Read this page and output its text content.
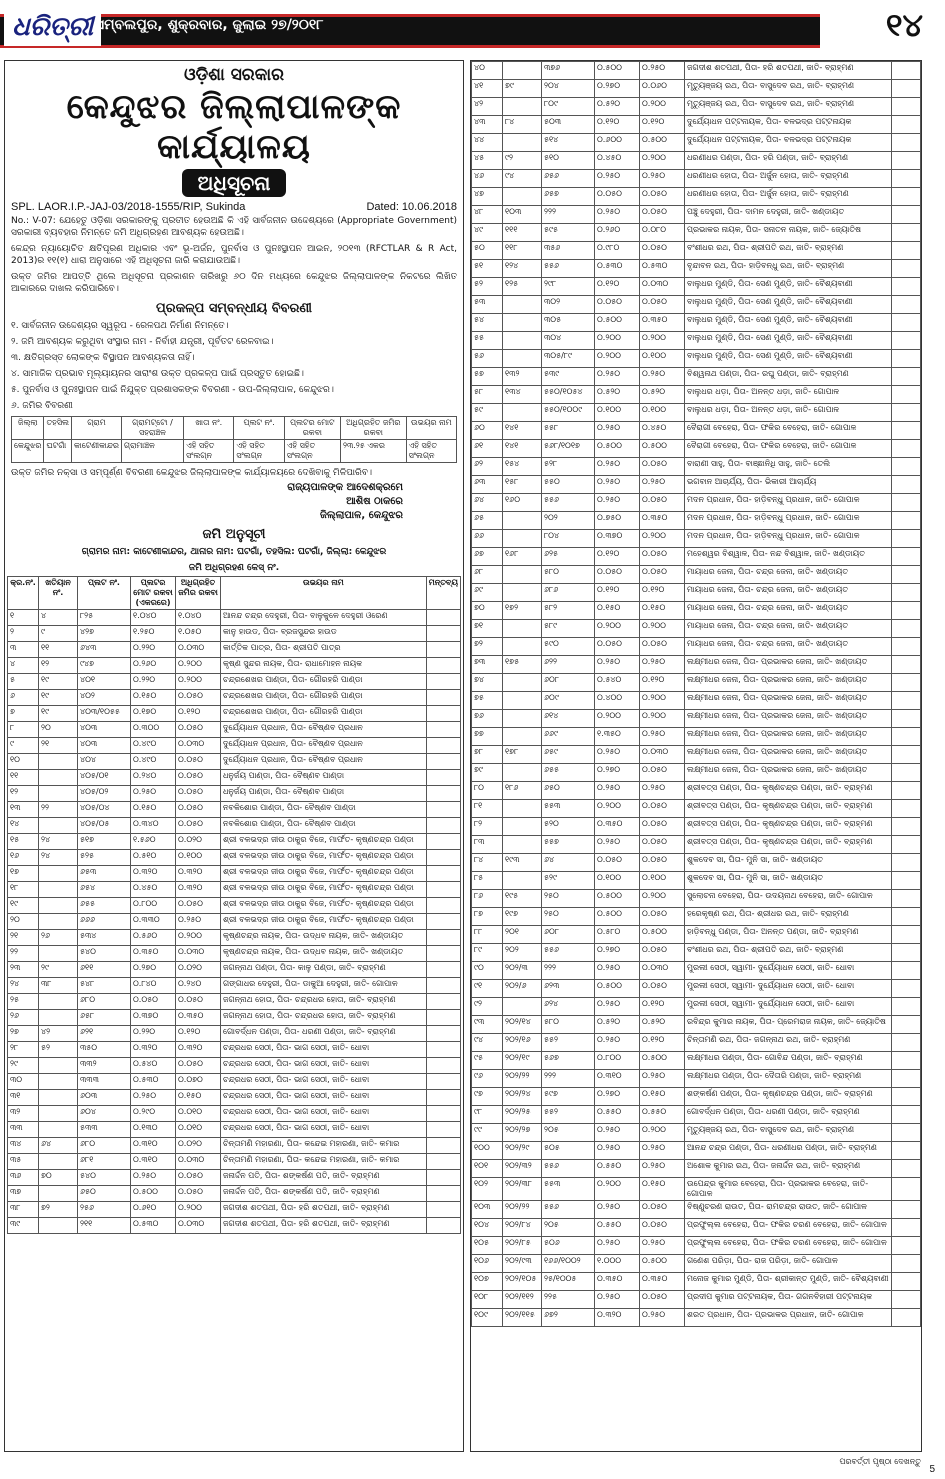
ଧରିତ୍ରୀ ସମ୍ବଲପୁର, ଶୁକ୍ରବାର, ଜୁଲାଇ ୨୭/୨୦୧୮	୧୪
ଓଡ଼ିଶା ସରକାର
କେନ୍ଦୁଝର ଜିଲ୍ଲାପାଳଙ୍କ କାର୍ଯ୍ୟାଳୟ
ଅଧିସୂଚନା
SPL. LAOR.I.P.-JAJ-03/2018-1555/RIP, Sukinda	Dated: 10.06.2018
No.: V-07: ଯେହେତୁ ଓଡ଼ିଶା ସରକାରଙ୍କୁ ପ୍ରତୀତ ହେଉଅଛି କି ଏହି ସାର୍ବଜନୀନ ଉଦ୍ଦେଶ୍ୟରେ (Appropriate Government) ସରକାରୀ ବ୍ୟବହାର ନିମନ୍ତେ ଜମି ଅଧିଗ୍ରହଣ ଆବଶ୍ୟକ ହେଉଅଛି।
କେନ୍ଦ୍ର ନ୍ୟାୟୋଚିତ କ୍ଷତିପୂରଣ ଅଧିକାର ଏବଂ ଭୂ-ଅର୍ଜନ, ପୁନର୍ବାସ ଓ ପୁନଃସ୍ଥାପନ ଆଇନ, ୨୦୧୩ (RFCTLAR & R Act, 2013)ର ୧୧(୧) ଧାରା ଅନୁସାରେ ଏହି ଅଧିସୂଚନା ଜାରି କରାଯାଉଅଛି।
ଉକ୍ତ ଜମିର ଆପତ୍ତି ଥିଲେ ଅଧିସୂଚନା ପ୍ରକାଶନ ତାରିଖରୁ ୬୦ ଦିନ ମଧ୍ୟରେ କେନ୍ଦୁଝର ଜିଲ୍ଲାପାଳଙ୍କ ନିକଟରେ ଲିଖିତ ଆକାରରେ ଦାଖଲ କରିପାରିବେ।
ପ୍ରକଳ୍ପ ସମ୍ବନ୍ଧୀୟ ବିବରଣୀ
୧. ସାର୍ବଜନୀନ ଉଦ୍ଦେଶ୍ୟର ସ୍ୱରୂପ - ରେଳପଥ ନିର୍ମାଣ ନିମନ୍ତେ।
୨. ଜମି ଆବଶ୍ୟକ କରୁଥିବା ସଂସ୍ଥାର ନାମ - ନିର୍ବାହୀ ଯନ୍ତ୍ରୀ, ପୂର୍ବତଟ ରେଳବାଇ।
୩. କ୍ଷତିଗ୍ରସ୍ତ ଲୋକଙ୍କ ବିସ୍ଥାପନ ଆବଶ୍ୟକତା ନାହିଁ।
୪. ସାମାଜିକ ପ୍ରଭାବ ମୂଲ୍ୟାୟନର ସାରାଂଶ ଉକ୍ତ ପ୍ରକଳ୍ପ ପାଇଁ ପ୍ରସ୍ତୁତ ହୋଇଛି।
୫. ପୁନର୍ବାସ ଓ ପୁନଃସ୍ଥାପନ ପାଇଁ ନିଯୁକ୍ତ ପ୍ରଶାସକଙ୍କ ବିବରଣୀ - ଉପ-ଜିଲ୍ଲାପାଳ, କେନ୍ଦୁଝର।
୬. ଜମିର ବିବରଣୀ
ଜିଲ୍ଲା	ତହସିଲ	ଗ୍ରାମ	ଗ୍ରାମଟ୍ଟୋ / ସହରାଞ୍ଚଳ	ଖାତା ନଂ.	ପ୍ଲଟ ନଂ.	ପ୍ଲଟର ମୋଟ ରକବା	ଅଧିଗ୍ରହିତ ଜମିର ରକବା	ଉଭୟର ନାମ
କେନ୍ଦୁଝର	ଘଟଗାଁ	କାଟେଣୀକାନ୍ଦର	ଗ୍ରାମାଞ୍ଚଳ	ଏହି ସହିତ ସଂଲଗ୍ନ	ଏହି ସହିତ ସଂଲଗ୍ନ	ଏହି ସହିତ ସଂଲଗ୍ନ	୨୩.୨୫ ଏକର	ଏହି ସହିତ ସଂଲଗ୍ନ
ଉକ୍ତ ଜମିର ନକ୍ସା ଓ ସମ୍ପୂର୍ଣ୍ଣ ବିବରଣୀ କେନ୍ଦୁଝର ଜିଲ୍ଲାପାଳଙ୍କ କାର୍ଯ୍ୟାଳୟରେ ଦେଖିବାକୁ ମିଳିପାରିବ।
ରାଜ୍ୟପାଳଙ୍କ ଆଦେଶକ୍ରମେ
ଆଶିଷ ଠାକରେ
ଜିଲ୍ଲାପାଳ, କେନ୍ଦୁଝର
ଜମି ଅନୁସୂଚୀ
ଗ୍ରାମର ନାମ: କାଟେଣୀକାନ୍ଦର, ଥାନାର ନାମ: ଘଟଗାଁ, ତହସିଲ: ଘଟଗାଁ, ଜିଲ୍ଲା: କେନ୍ଦୁଝର
ଜମି ଅଧିଗ୍ରହଣ କେସ୍ ନଂ.
କ୍ର.ନଂ.	ଖତିୟାନ ନଂ.	ପ୍ଲଟ ନଂ.	ପ୍ଲଟର ମୋଟ ରକବା (ଏକରରେ)	ଅଧିଗ୍ରହିତ ଜମିର ରକବା	ଉଭୟର ନାମ	ମନ୍ତବ୍ୟ
୧	୪	୮୨୫	୧.୦୪୦	୧.୦୪୦	ଆନନ୍ଦ ଚନ୍ଦ୍ର ଦେହୁରୀ, ପିତା- ବାଳୁକୁଳେ ଦେହୁରୀ ଓରେଣ	
୨	୯	୪୨୭	୧.୨୫୦	୧.୦୫୦	କାନୁ ହାଉଡ, ପିତା- ବ୍ରଜସୁନ୍ଦର ହାଉଡ	
୩	୧୧	୬୪୩	୦.୨୨୦	୦.୦୩୦	କାର୍ତ୍ତିକ ପାତ୍ର, ପିତା- ଶ୍ରୀପତି ପାତ୍ର	
୪	୧୨	୯୪୭	୦.୨୬୦	୦.୨୦୦	କୃଷ୍ଣ ସୁନ୍ଦର ନାୟକ, ପିତା- ରାଧାମୋହନ ନାୟକ	
୫	୧୯	୪୦୧	୦.୨୨୦	୦.୨୦୦	ଚନ୍ଦ୍ରଶେଖର ପାଣ୍ଡା, ପିତା- ଗୌରହରି ପାଣ୍ଡା	
୬	୧୯	୪୦୨	୦.୧୫୦	୦.୦୫୦	ଚନ୍ଦ୍ରଶେଖର ପାଣ୍ଡା, ପିତା- ଗୌରହରି ପାଣ୍ଡା	
୭	୧୯	୪୦୩/୧୦୫୫	୦.୧୭୦	୦.୧୨୦	ଚନ୍ଦ୍ରଶେଖର ପାଣ୍ଡା, ପିତା- ଗୌରହରି ପାଣ୍ଡା	
୮	୨୦	୪୦୩	୦.୩୦୦	୦.୦୫୦	ଦୁର୍ଯ୍ୟୋଧନ ପ୍ରଧାନ, ପିତା- ବୈଷ୍ଣବ ପ୍ରଧାନ	
୯	୨୧	୪୦୩	୦.୪୯୦	୦.୦୩୦	ଦୁର୍ଯ୍ୟୋଧନ ପ୍ରଧାନ, ପିତା- ବୈଷ୍ଣବ ପ୍ରଧାନ	
୧୦		୪୦୪	୦.୪୯୦	୦.୦୫୦	ଦୁର୍ଯ୍ୟୋଧନ ପ୍ରଧାନ, ପିତା- ବୈଷ୍ଣବ ପ୍ରଧାନ	
୧୧		୪୦୫/୦୧	୦.୨୪୦	୦.୦୫୦	ଧନୁର୍ଜୟ ପାଣ୍ଡା, ପିତା- ବୈଷ୍ଣବ ପାଣ୍ଡା	
୧୨		୪୦୫/୦୨	୦.୨୫୦	୦.୦୫୦	ଧନୁର୍ଜୟ ପାଣ୍ଡା, ପିତା- ବୈଷ୍ଣବ ପାଣ୍ଡା	
୧୩	୨୨	୪୦୫/୦୪	୦.୧୫୦	୦.୦୫୦	ନବକିଶୋର ପାଣ୍ଡା, ପିତା- ବୈଷ୍ଣବ ପାଣ୍ଡା	
୧୪		୪୦୫/୦୫	୦.୩୪୦	୦.୦୫୦	ନବକିଶୋର ପାଣ୍ଡା, ପିତା- ବୈଷ୍ଣବ ପାଣ୍ଡା	
୧୫	୨୪	୫୧୭	୧.୫୬୦	୦.୦୨୦	ଶ୍ରୀ ବଳଭଦ୍ର ଜୀଉ ଠାକୁର ବିଜେ, ମାର୍ଫତ- କୃଷ୍ଣଚନ୍ଦ୍ର ପଣ୍ଡା	
୧୬	୨୪	୫୨୫	୦.୫୧୦	୦.୧୦୦	ଶ୍ରୀ ବଳଭଦ୍ର ଜୀଉ ଠାକୁର ବିଜେ, ମାର୍ଫତ- କୃଷ୍ଣଚନ୍ଦ୍ର ପଣ୍ଡା	
୧୭		୬୫୩	୦.୩୨୦	୦.୩୨୦	ଶ୍ରୀ ବଳଭଦ୍ର ଜୀଉ ଠାକୁର ବିଜେ, ମାର୍ଫତ- କୃଷ୍ଣଚନ୍ଦ୍ର ପଣ୍ଡା	
୧୮		୬୫୪	୦.୪୫୦	୦.୩୨୦	ଶ୍ରୀ ବଳଭଦ୍ର ଜୀଉ ଠାକୁର ବିଜେ, ମାର୍ଫତ- କୃଷ୍ଣଚନ୍ଦ୍ର ପଣ୍ଡା	
୧୯		୬୫୫	୦.୮୦୦	୦.୦୫୦	ଶ୍ରୀ ବଳଭଦ୍ର ଜୀଉ ଠାକୁର ବିଜେ, ମାର୍ଫତ- କୃଷ୍ଣଚନ୍ଦ୍ର ପଣ୍ଡା	
୨୦		୬୬୬	୦.୩୩୦	୦.୨୫୦	ଶ୍ରୀ ବଳଭଦ୍ର ଜୀଉ ଠାକୁର ବିଜେ, ମାର୍ଫତ- କୃଷ୍ଣଚନ୍ଦ୍ର ପଣ୍ଡା	
୨୧	୨୬	୫୩୪	୦.୫୬୦	୦.୨୦୦	କୃଷ୍ଣଚନ୍ଦ୍ର ନାୟକ, ପିତା- ଉଦ୍ଧବ ନାୟକ, ଜାତି- ଖଣ୍ଡାୟତ	
୨୨		୫୪୦	୦.୩୫୦	୦.୦୩୦	କୃଷ୍ଣଚନ୍ଦ୍ର ନାୟକ, ପିତା- ଉଦ୍ଧବ ନାୟକ, ଜାତି- ଖଣ୍ଡାୟତ	
୨୩	୨୯	୬୧୧	୦.୨୭୦	୦.୦୨୦	ଜଗନ୍ନାଥ ପଣ୍ଡା, ପିତା- କାଳୁ ପଣ୍ଡା, ଜାତି- ବ୍ରାହ୍ମଣ	
୨୪	୩୮	୫୪୮	୦.୮୪୦	୦.୨୪୦	ଗଙ୍ଗାଧର ଦେହୁରୀ, ପିତା- ଡାକୁଆ ଦେହୁରୀ, ଜାତି- ଗୋପାଳ	
୨୫		୬୮୦	୦.୦୫୦	୦.୦୫୦	ଜଗନ୍ନାଥ ହୋତା, ପିତା- ଚନ୍ଦ୍ରଧର ହୋତା, ଜାତି- ବ୍ରାହ୍ମଣ	
୨୬		୬୫୮	୦.୩୭୦	୦.୩୫୦	ଜଗନ୍ନାଥ ହୋତା, ପିତା- ଚନ୍ଦ୍ରଧର ହୋତା, ଜାତି- ବ୍ରାହ୍ମଣ	
୨୭	୪୨	୬୨୧	୦.୨୨୦	୦.୧୨୦	ଗୋବର୍ଦ୍ଧନ ପଣ୍ଡା, ପିତା- ଧରଣୀ ପଣ୍ଡା, ଜାତି- ବ୍ରାହ୍ମଣ	
୨୮	୫୨	୩୫୦	୦.୩୨୦	୦.୩୨୦	ଚନ୍ଦ୍ରଧର ସେଠୀ, ପିତା- ଭାଗ ସେଠୀ, ଜାତି- ଧୋବା	
୨୯		୩୩୨	୦.୫୪୦	୦.୦୫୦	ଚନ୍ଦ୍ରଧର ସେଠୀ, ପିତା- ଭାଗ ସେଠୀ, ଜାତି- ଧୋବା	
୩୦		୩୩୩	୦.୫୩୦	୦.୦୭୦	ଚନ୍ଦ୍ରଧର ସେଠୀ, ପିତା- ଭାଗ ସେଠୀ, ଜାତି- ଧୋବା	
୩୧		୬୦୩	୦.୨୫୦	୦.୧୫୦	ଚନ୍ଦ୍ରଧର ସେଠୀ, ପିତା- ଭାଗ ସେଠୀ, ଜାତି- ଧୋବା	
୩୨		୬୦୪	୦.୨୯୦	୦.୦୧୦	ଚନ୍ଦ୍ରଧର ସେଠୀ, ପିତା- ଭାଗ ସେଠୀ, ଜାତି- ଧୋବା	
୩୩		୫୩୩	୦.୧୩୦	୦.୦୧୦	ଚନ୍ଦ୍ରଧର ସେଠୀ, ପିତା- ଭାଗ ସେଠୀ, ଜାତି- ଧୋବା	
୩୪	୬୪	୬୮୦	୦.୩୧୦	୦.୦୨୦	ଚିନ୍ତାମଣି ମହାରଣା, ପିତା- କନ୍ଦେଇ ମହାରଣା, ଜାତି- କମାର	
୩୫		୬୮୧	୦.୩୧୦	୦.୦୩୦	ଚିନ୍ତାମଣି ମହାରଣା, ପିତା- କନ୍ଦେଇ ମହାରଣା, ଜାତି- କମାର	
୩୬	୭୦	୫୪୦	୦.୨୫୦	୦.୦୫୦	ଜନାର୍ଦ୍ଦନ ପତି, ପିତା- ଶଙ୍କର୍ଷଣ ପତି, ଜାତି- ବ୍ରାହ୍ମଣ	
୩୭		୬୫୦	୦.୫୦୦	୦.୦୫୦	ଜନାର୍ଦ୍ଦନ ପତି, ପିତା- ଶଙ୍କର୍ଷଣ ପତି, ଜାତି- ବ୍ରାହ୍ମଣ	
୩୮	୭୨	୨୫୬	୦.୬୧୦	୦.୨୦୦	ଜଗଦୀଶ ଶତପଥୀ, ପିତା- ହରି ଶତପଥୀ, ଜାତି- ବ୍ରାହ୍ମଣ	
୩୯		୨୧୧	୦.୫୩୦	୦.୦୩୦	ଜଗଦୀଶ ଶତପଥୀ, ପିତା- ହରି ଶତପଥୀ, ଜାତି- ବ୍ରାହ୍ମଣ	
୪୦		୩୭୬	୦.୫୦୦	୦.୨୫୦	ଜଗଦୀଶ ଶତପଥୀ, ପିତା- ହରି ଶତପଥୀ, ଜାତି- ବ୍ରାହ୍ମଣ	
୪୧	୭୯	୨୦୪	୦.୨୭୦	୦.୦୬୦	ମୃତ୍ୟୁଞ୍ଜୟ ରଥ, ପିତା- ବାସୁଦେବ ରଥ, ଜାତି- ବ୍ରାହ୍ମଣ	
୪୨		୮୦୯	୦.୫୨୦	୦.୨୦୦	ମୃତ୍ୟୁଞ୍ଜୟ ରଥ, ପିତା- ବାସୁଦେବ ରଥ, ଜାତି- ବ୍ରାହ୍ମଣ	
୪୩	୮୪	୫୦୩	୦.୧୨୦	୦.୧୨୦	ଦୁର୍ଯ୍ୟୋଧନ ପଟ୍ଟନାୟକ, ପିତା- ବଳଭଦ୍ର ପଟ୍ଟନାୟକ	
୪୪		୫୧୪	୦.୬୦୦	୦.୫୦୦	ଦୁର୍ଯ୍ୟୋଧନ ପଟ୍ଟନାୟକ, ପିତା- ବଳଭଦ୍ର ପଟ୍ଟନାୟକ	
୪୫	୯୨	୫୧୦	୦.୪୫୦	୦.୨୦୦	ଧରଣୀଧର ପଣ୍ଡା, ପିତା- ହରି ପଣ୍ଡା, ଜାତି- ବ୍ରାହ୍ମଣ	
୪୬	୯୪	୬୫୬	୦.୨୫୦	୦.୨୫୦	ଧରଣୀଧର ହୋତା, ପିତା- ଅର୍ଜୁନ ହୋତା, ଜାତି- ବ୍ରାହ୍ମଣ	
୪୭		୬୫୭	୦.୦୫୦	୦.୦୫୦	ଧରଣୀଧର ହୋତା, ପିତା- ଅର୍ଜୁନ ହୋତା, ଜାତି- ବ୍ରାହ୍ମଣ	
୪୮	୧୦୩	୨୨୨	୦.୨୫୦	୦.୦୫୦	ପଞ୍ଚୁ ଦେହୁରୀ, ପିତା- ଦାମନ ଦେହୁରୀ, ଜାତି- ଖଣ୍ଡାୟତ	
୪୯	୧୧୧	୫୯୫	୦.୨୬୦	୦.୦୮୦	ପ୍ରଭାକର ନାୟକ, ପିତା- ସନାତନ ନାୟକ, ଜାତି- ଜ୍ୟୋତିଷ	
୫୦	୧୧୮	୩୫୬	୦.୯୮୦	୦.୦୫୦	ବଂଶୀଧର ରଥ, ପିତା- ଶ୍ରୀପତି ରଥ, ଜାତି- ବ୍ରାହ୍ମଣ	
୫୧	୧୨୪	୫୫୬	୦.୫୩୦	୦.୫୩୦	ବୃନ୍ଦାବନ ରଥ, ପିତା- ହାଡ଼ିବନ୍ଧୁ ରଥ, ଜାତି- ବ୍ରାହ୍ମଣ	
୫୨	୧୨୫	୨୯୮	୦.୧୨୦	୦.୦୩୦	ବାଲୁଧର ମୁଣ୍ଡି, ପିତା- ସେଣ ମୁଣ୍ଡି, ଜାତି- ବୈଶ୍ୟବାଣୀ	
୫୩		୩୦୨	୦.୦୫୦	୦.୦୫୦	ବାଲୁଧର ମୁଣ୍ଡି, ପିତା- ସେଣ ମୁଣ୍ଡି, ଜାତି- ବୈଶ୍ୟବାଣୀ	
୫୪		୩୦୫	୦.୫୦୦	୦.୩୫୦	ବାଲୁଧର ମୁଣ୍ଡି, ପିତା- ସେଣ ମୁଣ୍ଡି, ଜାତି- ବୈଶ୍ୟବାଣୀ	
୫୫		୩୦୪	୦.୨୦୦	୦.୨୦୦	ବାଲୁଧର ମୁଣ୍ଡି, ପିତା- ସେଣ ମୁଣ୍ଡି, ଜାତି- ବୈଶ୍ୟବାଣୀ	
୫୬		୩୦୫/୮୯	୦.୨୦୦	୦.୧୦୦	ବାଲୁଧର ମୁଣ୍ଡି, ପିତା- ସେଣ ମୁଣ୍ଡି, ଜାତି- ବୈଶ୍ୟବାଣୀ	
୫୭	୧୩୨	୫୩୯	୦.୨୫୦	୦.୨୫୦	ବିଶ୍ୱନାଥ ପଣ୍ଡା, ପିତା- ରଘୁ ପଣ୍ଡା, ଜାତି- ବ୍ରାହ୍ମଣ	
୫୮	୧୩୪	୫୫୦/୧୦୫୪	୦.୫୨୦	୦.୫୨୦	ବାଲୁଧର ଧଡ଼ା, ପିତା- ଅନନ୍ତ ଧଡ଼ା, ଜାତି- ଗୋପାଳ	
୫୯		୫୫୦/୧୦୦୯	୦.୧୦୦	୦.୧୦୦	ବାଲୁଧର ଧଡ଼ା, ପିତା- ଅନନ୍ତ ଧଡ଼ା, ଜାତି- ଗୋପାଳ	
୬୦	୧୪୧	୫୫୮	୦.୨୫୦	୦.୪୫୦	ବୈରାଗୀ ବେହେରା, ପିତା- ଫକିର ବେହେରା, ଜାତି- ଗୋପାଳ	
୬୧	୧୪୧	୫୬୮/୧୦୧୭	୦.୫୦୦	୦.୫୦୦	ବୈରାଗୀ ବେହେରା, ପିତା- ଫକିର ବେହେରା, ଜାତି- ଗୋପାଳ	
୬୨	୧୫୪	୫୨୮	୦.୨୫୦	୦.୦୫୦	ବାରାଣୀ ସାହୁ, ପିତା- ବାଞ୍ଛାନିଧି ସାହୁ, ଜାତି- ତେଲି	
୬୩	୧୫୮	୫୫୦	୦.୨୫୦	୦.୨୫୦	ଭଗବାନ ଆଚାର୍ଯ୍ୟ, ପିତା- ଭିକାରୀ ଆଚାର୍ଯ୍ୟ	
୬୪	୧୬୦	୫୫୬	୦.୨୫୦	୦.୦୫୦	ମଦନ ପ୍ରଧାନ, ପିତା- ହାଡ଼ିବନ୍ଧୁ ପ୍ରଧାନ, ଜାତି- ଗୋପାଳ	
୬୫		୨୦୨	୦.୭୫୦	୦.୩୫୦	ମଦନ ପ୍ରଧାନ, ପିତା- ହାଡ଼ିବନ୍ଧୁ ପ୍ରଧାନ, ଜାତି- ଗୋପାଳ	
୬୬		୮୦୪	୦.୩୭୦	୦.୨୦୦	ମଦନ ପ୍ରଧାନ, ପିତା- ହାଡ଼ିବନ୍ଧୁ ପ୍ରଧାନ, ଜାତି- ଗୋପାଳ	
୬୭	୧୬୮	୬୨୫	୦.୧୨୦	୦.୦୫୦	ମହେଶ୍ୱର ବିଶ୍ୱାଳ, ପିତା- ନନ୍ଦ ବିଶ୍ୱାଳ, ଜାତି- ଖଣ୍ଡାୟତ	
୬୮		୫୮୦	୦.୦୫୦	୦.୦୫୦	ମାୟାଧର ଜେନା, ପିତା- ଚନ୍ଦ୍ର ଜେନା, ଜାତି- ଖଣ୍ଡାୟତ	
୬୯		୬୮୬	୦.୧୨୦	୦.୧୨୦	ମାୟାଧର ଜେନା, ପିତା- ଚନ୍ଦ୍ର ଜେନା, ଜାତି- ଖଣ୍ଡାୟତ	
୭୦	୧୭୨	୫୮୨	୦.୧୫୦	୦.୧୫୦	ମାୟାଧର ଜେନା, ପିତା- ଚନ୍ଦ୍ର ଜେନା, ଜାତି- ଖଣ୍ଡାୟତ	
୭୧		୫୮୯	୦.୨୦୦	୦.୨୦୦	ମାୟାଧର ଜେନା, ପିତା- ଚନ୍ଦ୍ର ଜେନା, ଜାତି- ଖଣ୍ଡାୟତ	
୭୨		୫୯୦	୦.୦୫୦	୦.୦୫୦	ମାୟାଧର ଜେନା, ପିତା- ଚନ୍ଦ୍ର ଜେନା, ଜାତି- ଖଣ୍ଡାୟତ	
୭୩	୧୭୫	୬୨୨	୦.୨୫୦	୦.୨୫୦	ଲକ୍ଷ୍ମୀଧର ଜେନା, ପିତା- ପ୍ରଭାକର ଜେନା, ଜାତି- ଖଣ୍ଡାୟତ	
୭୪		୬୦୮	୦.୫୪୦	୦.୧୨୦	ଲକ୍ଷ୍ମୀଧର ଜେନା, ପିତା- ପ୍ରଭାକର ଜେନା, ଜାତି- ଖଣ୍ଡାୟତ	
୭୫		୬୦୯	୦.୪୦୦	୦.୨୦୦	ଲକ୍ଷ୍ମୀଧର ଜେନା, ପିତା- ପ୍ରଭାକର ଜେନା, ଜାତି- ଖଣ୍ଡାୟତ	
୭୬		୬୧୪	୦.୨୦୦	୦.୨୦୦	ଲକ୍ଷ୍ମୀଧର ଜେନା, ପିତା- ପ୍ରଭାକର ଜେନା, ଜାତି- ଖଣ୍ଡାୟତ	
୭୭		୬୬୯	୧.୩୫୦	୦.୨୫୦	ଲକ୍ଷ୍ମୀଧର ଜେନା, ପିତା- ପ୍ରଭାକର ଜେନା, ଜାତି- ଖଣ୍ଡାୟତ	
୭୮	୧୭୮	୬୫୯	୦.୨୫୦	୦.୦୩୦	ଲକ୍ଷ୍ମୀଧର ଜେନା, ପିତା- ପ୍ରଭାକର ଜେନା, ଜାତି- ଖଣ୍ଡାୟତ	
୭୯		୬୫୫	୦.୨୭୦	୦.୦୫୦	ଲକ୍ଷ୍ମୀଧର ଜେନା, ପିତା- ପ୍ରଭାକର ଜେନା, ଜାତି- ଖଣ୍ଡାୟତ	
୮୦	୧୮୬	୬୫୦	୦.୨୫୦	୦.୨୫୦	ଶ୍ରୀବତ୍ସ ପଣ୍ଡା, ପିତା- କୃଷ୍ଣଚନ୍ଦ୍ର ପଣ୍ଡା, ଜାତି- ବ୍ରାହ୍ମଣ	
୮୧		୫୫୩	୦.୨୦୦	୦.୦୫୦	ଶ୍ରୀବତ୍ସ ପଣ୍ଡା, ପିତା- କୃଷ୍ଣଚନ୍ଦ୍ର ପଣ୍ଡା, ଜାତି- ବ୍ରାହ୍ମଣ	
୮୨		୫୨୦	୦.୩୫୦	୦.୦୫୦	ଶ୍ରୀବତ୍ସ ପଣ୍ଡା, ପିତା- କୃଷ୍ଣଚନ୍ଦ୍ର ପଣ୍ଡା, ଜାତି- ବ୍ରାହ୍ମଣ	
୮୩		୫୫୭	୦.୨୫୦	୦.୦୫୦	ଶ୍ରୀବତ୍ସ ପଣ୍ଡା, ପିତା- କୃଷ୍ଣଚନ୍ଦ୍ର ପଣ୍ଡା, ଜାତି- ବ୍ରାହ୍ମଣ	
୮୪	୧୯୩	୬୪	୦.୦୫୦	୦.୦୫୦	ଶୁକଦେବ ସା, ପିତା- ମୁନି ସା, ଜାତି- ଖଣ୍ଡାୟତ	
୮୫		୫୨୯	୦.୧୦୦	୦.୧୦୦	ଶୁକଦେବ ସା, ପିତା- ମୁନି ସା, ଜାତି- ଖଣ୍ଡାୟତ	
୮୬	୧୯୫	୨୫୦	୦.୫୦୦	୦.୨୦୦	ସୁଲୋଚନା ବେହେରା, ପିତା- ଉଦୟନାଥ ବେହେରା, ଜାତି- ଗୋପାଳ	
୮୭	୧୯୭	୨୫୦	୦.୫୦୦	୦.୦୫୦	ହରେକୃଷ୍ଣ ରଥ, ପିତା- ଶ୍ରୀଧର ରଥ, ଜାତି- ବ୍ରାହ୍ମଣ	
୮୮	୨୦୧	୬୦୮	୦.୫୮୦	୦.୫୦୦	ହାଡ଼ିବନ୍ଧୁ ପଣ୍ଡା, ପିତା- ଅନନ୍ତ ପଣ୍ଡା, ଜାତି- ବ୍ରାହ୍ମଣ	
୮୯	୨୦୨	୫୫୬	୦.୨୭୦	୦.୦୫୦	ବଂଶୀଧର ରଥ, ପିତା- ଶ୍ରୀପତି ରଥ, ଜାତି- ବ୍ରାହ୍ମଣ	
୯୦	୨୦୨/୩	୨୨୨	୦.୨୫୦	୦.୦୩୦	ମୁରଲୀ ସେଠୀ, ସ୍ୱାମୀ- ଦୁର୍ଯ୍ୟୋଧନ ସେଠୀ, ଜାତି- ଧୋବା	
୯୧	୨୦୨/୬	୬୨୩	୦.୫୦୦	୦.୦୫୦	ମୁରଲୀ ସେଠୀ, ସ୍ୱାମୀ- ଦୁର୍ଯ୍ୟୋଧନ ସେଠୀ, ଜାତି- ଧୋବା	
୯୨		୬୨୪	୦.୨୫୦	୦.୧୨୦	ମୁରଲୀ ସେଠୀ, ସ୍ୱାମୀ- ଦୁର୍ଯ୍ୟୋଧନ ସେଠୀ, ଜାତି- ଧୋବା	
୯୩	୨୦୨/୧୪	୫୮୦	୦.୫୨୦	୦.୫୨୦	ରବିନ୍ଦ୍ର କୁମାର ନାୟକ, ପିତା- ପ୍ରେମରାଜ ନାୟକ, ଜାତି- ଜ୍ୟୋତିଷ	
୯୪	୨୦୨/୧୬	୫୫୨	୦.୨୫୦	୦.୧୨୦	ଚିନ୍ତାମଣି ରଥ, ପିତା- ଜଗନ୍ନାଥ ରଥ, ଜାତି- ବ୍ରାହ୍ମଣ	
୯୫	୨୦୨/୧୯	୫୬୭	୦.୮୦୦	୦.୫୦୦	ଲକ୍ଷ୍ମୀଧର ପଣ୍ଡା, ପିତା- ଗୋବିନ୍ଦ ପଣ୍ଡା, ଜାତି- ବ୍ରାହ୍ମଣ	
୯୬	୨୦୨/୨୨	୨୨୨	୦.୩୧୦	୦.୨୫୦	ଲକ୍ଷ୍ମୀଧର ପଣ୍ଡା, ପିତା- ଦୈତାରି ପଣ୍ଡା, ଜାତି- ବ୍ରାହ୍ମଣ	
୯୭	୨୦୨/୨୪	୫୯୭	୦.୨୭୦	୦.୧୫୦	ଶଙ୍କର୍ଷଣ ପଣ୍ଡା, ପିତା- କୃଷ୍ଣଚନ୍ଦ୍ର ପଣ୍ଡା, ଜାତି- ବ୍ରାହ୍ମଣ	
୯୮	୨୦୨/୨୫	୫୫୨	୦.୫୫୦	୦.୫୫୦	ଗୋବର୍ଦ୍ଧନ ପଣ୍ଡା, ପିତା- ଧରଣୀ ପଣ୍ଡା, ଜାତି- ବ୍ରାହ୍ମଣ	
୯୯	୨୦୨/୨୭	୨୦୫	୦.୨୫୦	୦.୨୦୦	ମୃତ୍ୟୁଞ୍ଜୟ ରଥ, ପିତା- ବାସୁଦେବ ରଥ, ଜାତି- ବ୍ରାହ୍ମଣ	
୧୦୦	୨୦୨/୨୯	୫୦୫	୦.୨୫୦	୦.୨୫୦	ଆନନ୍ଦ ଚନ୍ଦ୍ର ପଣ୍ଡା, ପିତା- ଧରଣୀଧର ପଣ୍ଡା, ଜାତି- ବ୍ରାହ୍ମଣ	
୧୦୧	୨୦୨/୩୨	୫୫୬	୦.୫୫୦	୦.୨୫୦	ଅଶୋକ କୁମାର ରଥ, ପିତା- ଜନାର୍ଦ୍ଦନ ରଥ, ଜାତି- ବ୍ରାହ୍ମଣ	
୧୦୨	୨୦୨/୩୮	୫୫୩	୦.୨୦୦	୦.୧୫୦	ଉପେନ୍ଦ୍ର କୁମାର ବେହେରା, ପିତା- ପ୍ରଭାକର ବେହେରା, ଜାତି- ଗୋପାଳ	
୧୦୩	୨୦୨/୨୨	୫୫୬	୦.୨୫୦	୦.୦୫୦	ବିଷ୍ଣୁଚରଣ ରାଉତ, ପିତା- ରାମଚନ୍ଦ୍ର ରାଉତ, ଜାତି- ଗୋପାଳ	
୧୦୪	୨୦୨/୮୪	୨୦୫	୦.୫୫୦	୦.୦୫୦	ପ୍ରଫୁଲ୍ଲ ବେହେରା, ପିତା- ଫକିର ଚରଣ ବେହେରା, ଜାତି- ଗୋପାଳ	
୧୦୫	୨୦୨/୮୫	୫୦୬	୦.୨୫୦	୦.୨୫୦	ପ୍ରଫୁଲ୍ଲ ବେହେରା, ପିତା- ଫକିର ଚରଣ ବେହେରା, ଜାତି- ଗୋପାଳ	
୧୦୬	୨୦୨/୯୩	୧୬୬/୧୦୦୨	୧.୦୦୦	୦.୫୦୦	ଗଣେଶ ପରିଡ଼ା, ପିତା- ରାଜ ପରିଡ଼ା, ଜାତି- ଗୋପାଳ	
୧୦୭	୨୦୨/୧୦୫	୨୫/୧୦୦୫	୦.୩୫୦	୦.୩୫୦	ମନୋଜ କୁମାର ମୁଣ୍ଡି, ପିତା- ଶ୍ରୀକାନ୍ତ ମୁଣ୍ଡି, ଜାତି- ବୈଶ୍ୟବାଣୀ	
୧୦୮	୨୦୨/୧୧୨	୨୨୫	୦.୨୫୦	୦.୦୫୦	ପ୍ରଦୀପ କୁମାର ପଟ୍ଟନାୟକ, ପିତା- ଗଗନବିହାରୀ ପଟ୍ଟନାୟକ	
୧୦୯	୨୦୨/୧୧୫	୬୭୨	୦.୩୨୦	୦.୨୫୦	ଶରତ ପ୍ରଧାନ, ପିତା- ପ୍ରଭାକର ପ୍ରଧାନ, ଜାତି- ଗୋପାଳ	
ପରବର୍ତ୍ତୀ ପୃଷ୍ଠା ଦେଖନ୍ତୁ
5
